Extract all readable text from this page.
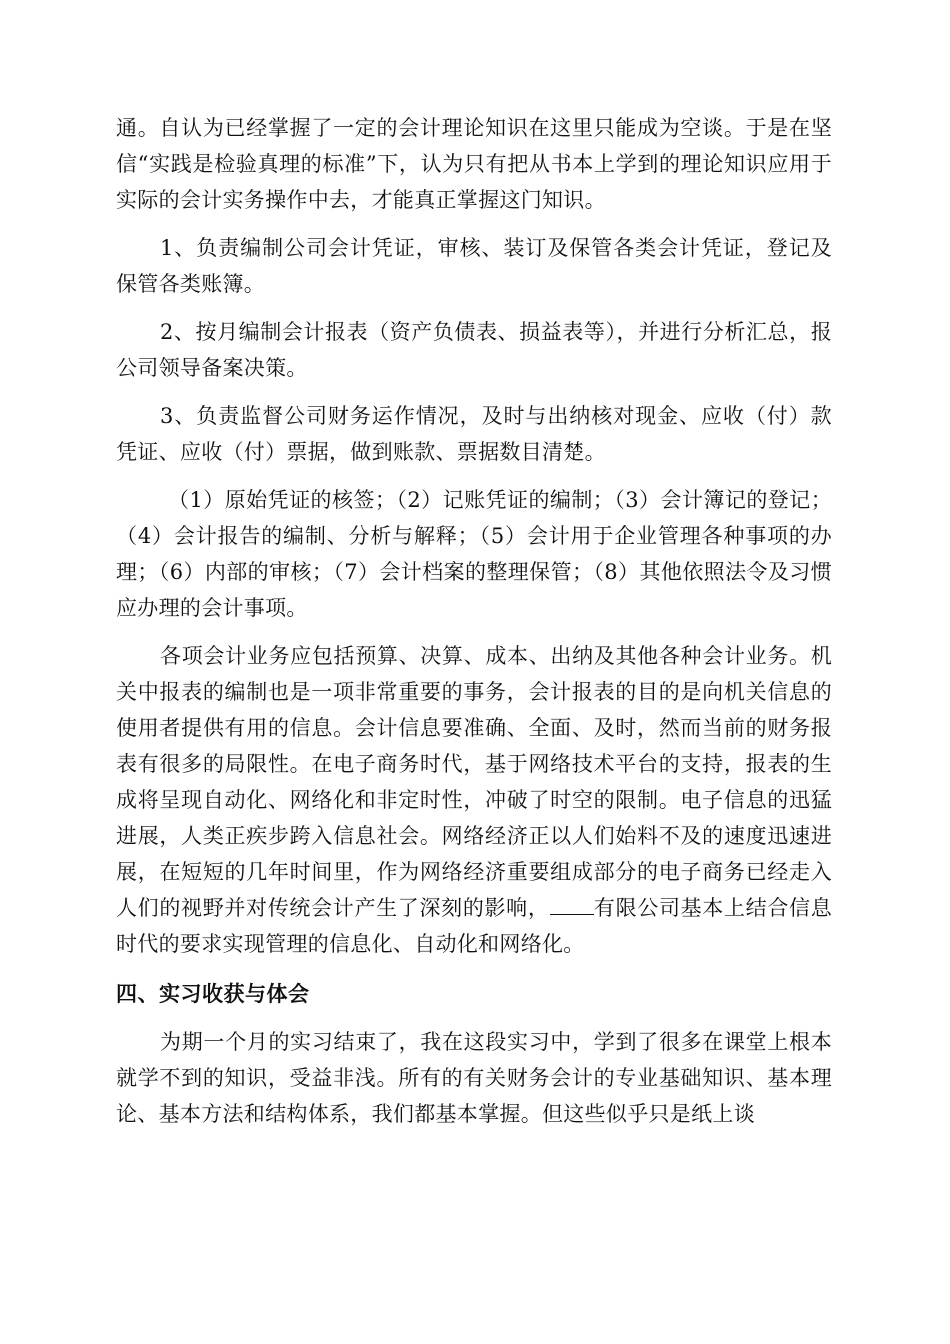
通。自认为已经掌握了一定的会计理论知识在这里只能成为空谈。于是在坚信“实践是检验真理的标准”下，认为只有把从书本上学到的理论知识应用于实际的会计实务操作中去，才能真正掌握这门知识。

1、负责编制公司会计凭证，审核、装订及保管各类会计凭证，登记及保管各类账簿。

2、按月编制会计报表（资产负债表、损益表等），并进行分析汇总，报公司领导备案决策。

3、负责监督公司财务运作情况，及时与出纳核对现金、应收（付）款凭证、应收（付）票据，做到账款、票据数目清楚。

（1）原始凭证的核签；（2）记账凭证的编制；（3）会计簿记的登记；（4）会计报告的编制、分析与解释；（5）会计用于企业管理各种事项的办理；（6）内部的审核；（7）会计档案的整理保管；（8）其他依照法令及习惯应办理的会计事项。

各项会计业务应包括预算、决算、成本、出纳及其他各种会计业务。机关中报表的编制也是一项非常重要的事务，会计报表的目的是向机关信息的使用者提供有用的信息。会计信息要准确、全面、及时，然而当前的财务报表有很多的局限性。在电子商务时代，基于网络技术平台的支持，报表的生成将呈现自动化、网络化和非定时性，冲破了时空的限制。电子信息的迅猛进展，人类正疾步跨入信息社会。网络经济正以人们始料不及的速度迅速进展，在短短的几年时间里，作为网络经济重要组成部分的电子商务已经走入人们的视野并对传统会计产生了深刻的影响， 有限公司基本上结合信息时代的要求实现管理的信息化、自动化和网络化。

四、实习收获与体会

为期一个月的实习结束了，我在这段实习中，学到了很多在课堂上根本就学不到的知识，受益非浅。所有的有关财务会计的专业基础知识、基本理论、基本方法和结构体系，我们都基本掌握。但这些似乎只是纸上谈
